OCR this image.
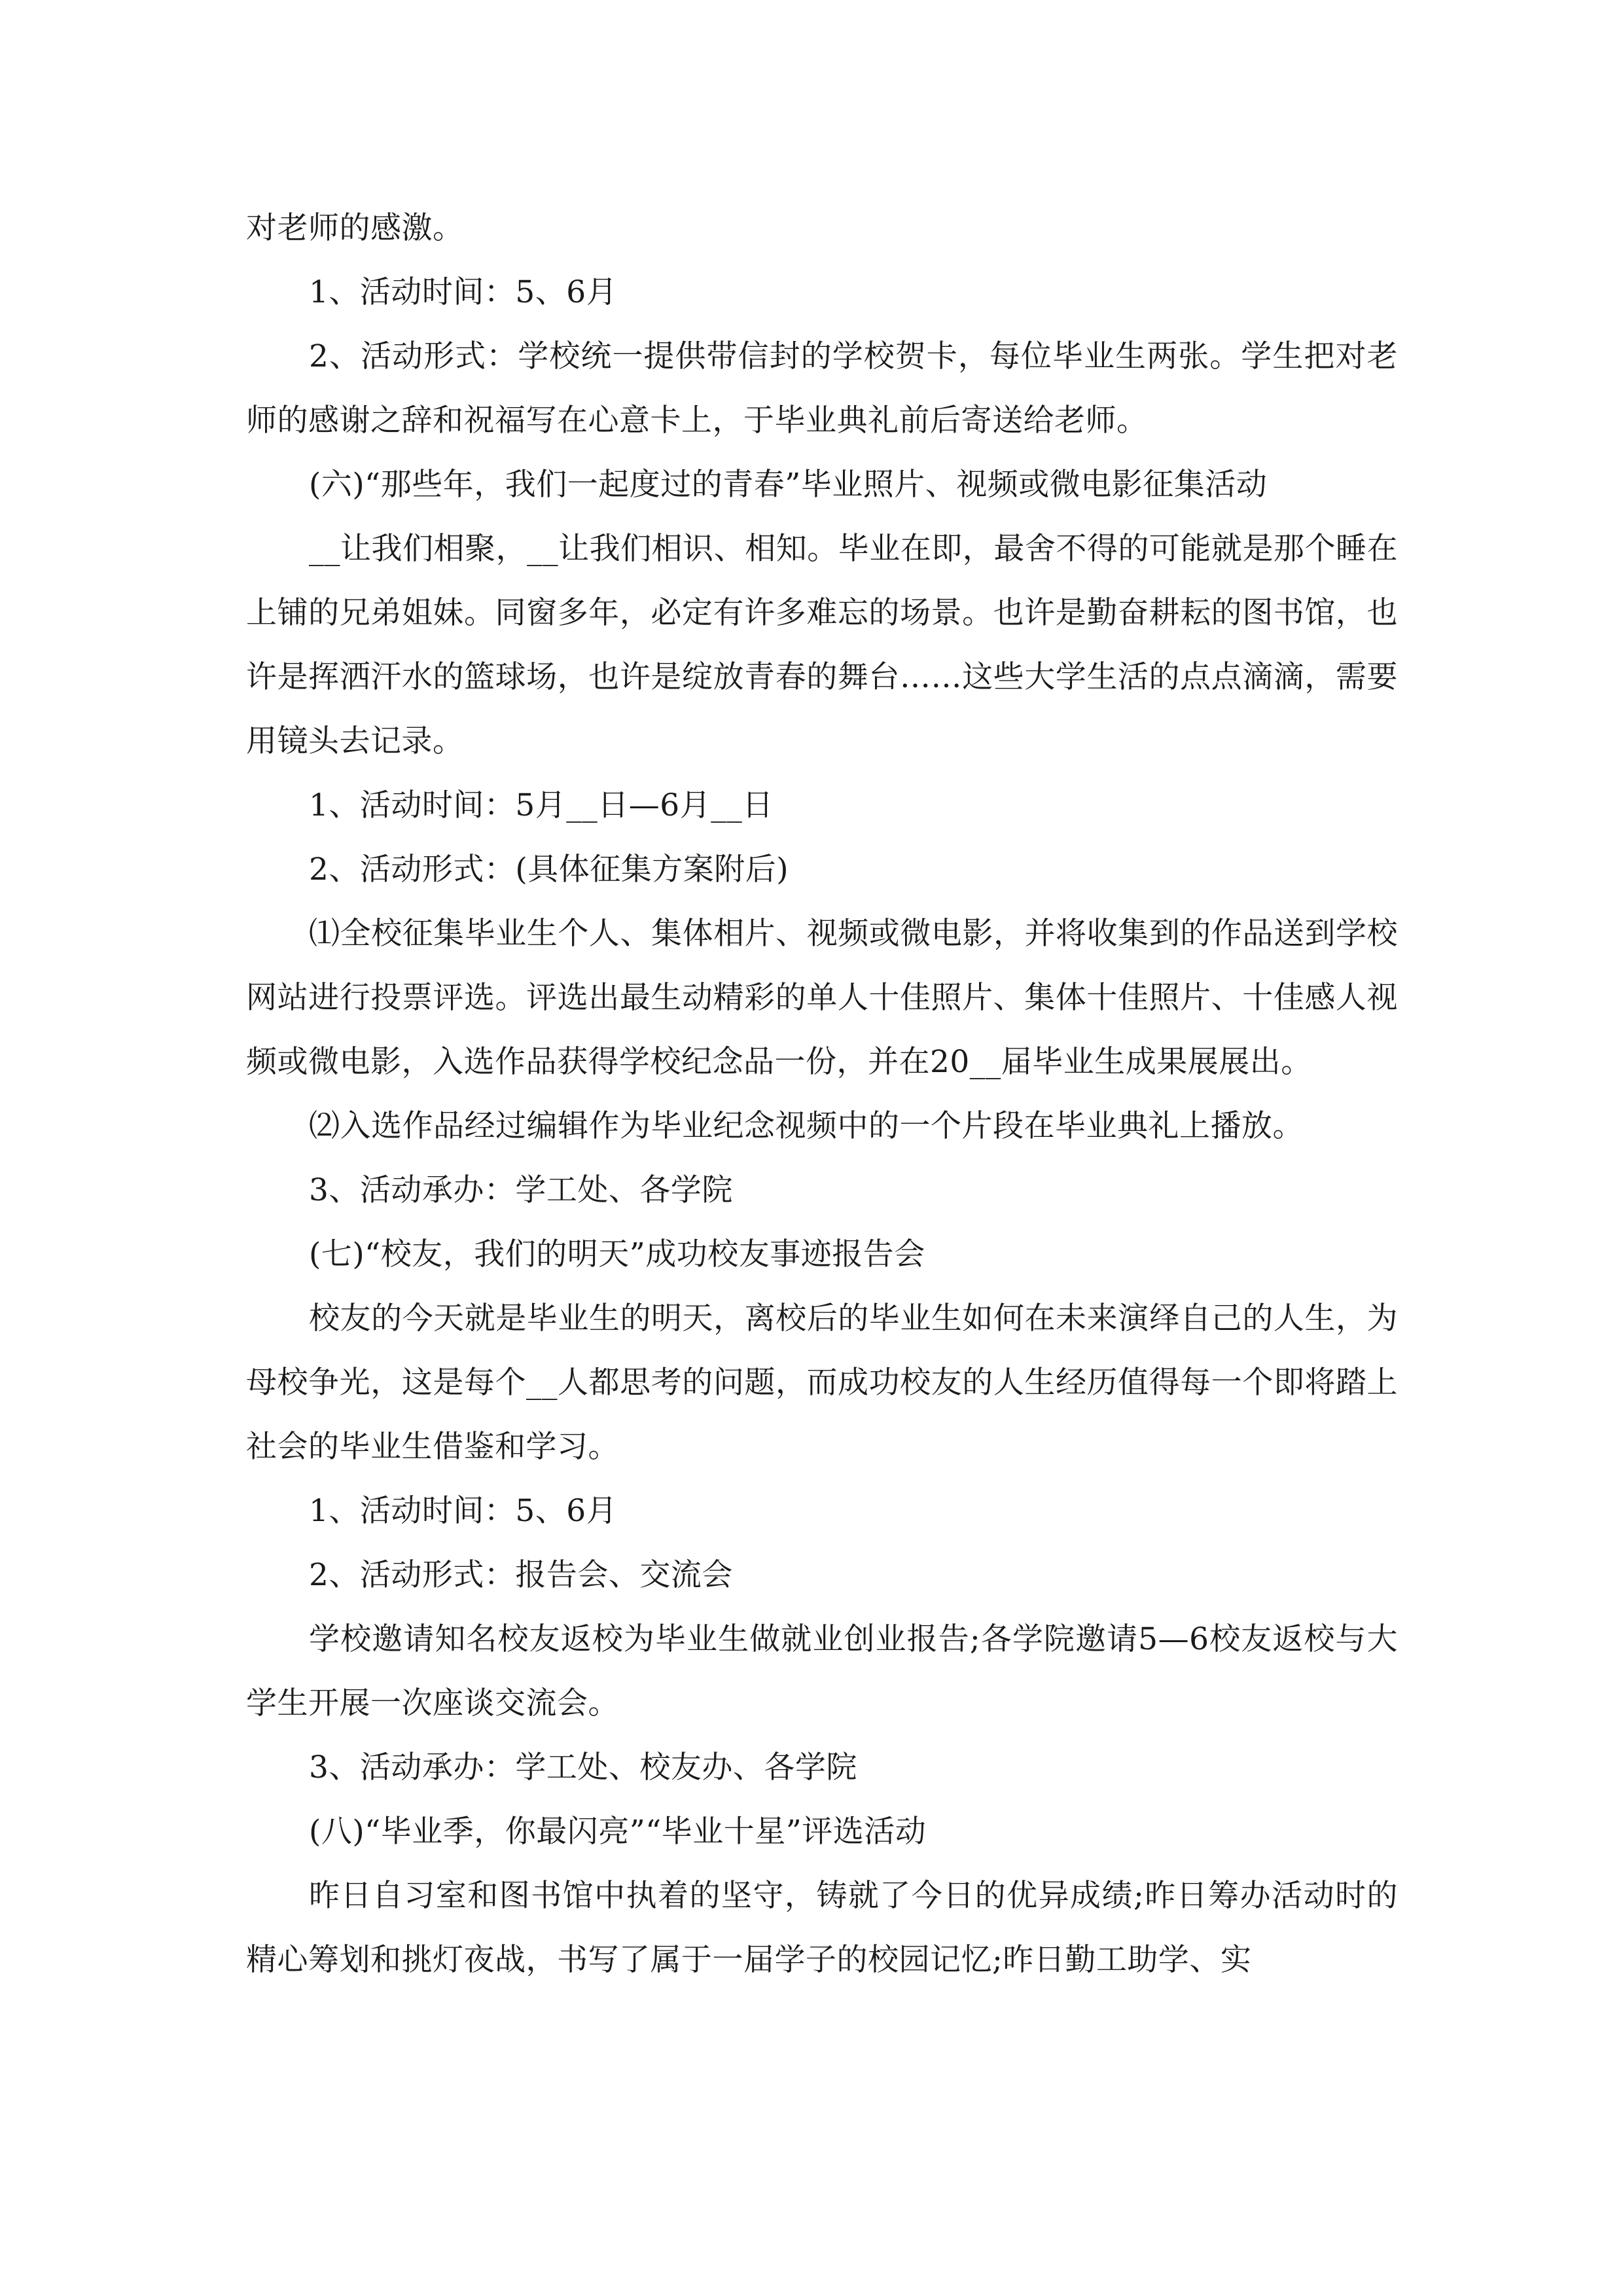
对老师的感激。

1、活动时间：5、6月

2、活动形式：学校统一提供带信封的学校贺卡，每位毕业生两张。学生把对老师的感谢之辞和祝福写在心意卡上，于毕业典礼前后寄送给老师。

(六)“那些年，我们一起度过的青春”毕业照片、视频或微电影征集活动

__让我们相聚，__让我们相识、相知。毕业在即，最舍不得的可能就是那个睡在上铺的兄弟姐妹。同窗多年，必定有许多难忘的场景。也许是勤奋耕耘的图书馆，也许是挥洒汗水的篮球场，也许是绽放青春的舞台……这些大学生活的点点滴滴，需要用镜头去记录。

1、活动时间：5月__日—6月__日

2、活动形式：(具体征集方案附后)

⑴全校征集毕业生个人、集体相片、视频或微电影，并将收集到的作品送到学校网站进行投票评选。评选出最生动精彩的单人十佳照片、集体十佳照片、十佳感人视频或微电影，入选作品获得学校纪念品一份，并在20__届毕业生成果展展出。

⑵入选作品经过编辑作为毕业纪念视频中的一个片段在毕业典礼上播放。

3、活动承办：学工处、各学院

(七)“校友，我们的明天”成功校友事迹报告会

校友的今天就是毕业生的明天，离校后的毕业生如何在未来演绎自己的人生，为母校争光，这是每个__人都思考的问题，而成功校友的人生经历值得每一个即将踏上社会的毕业生借鉴和学习。

1、活动时间：5、6月

2、活动形式：报告会、交流会

学校邀请知名校友返校为毕业生做就业创业报告;各学院邀请5—6校友返校与大学生开展一次座谈交流会。

3、活动承办：学工处、校友办、各学院

(八)“毕业季，你最闪亮”“毕业十星”评选活动

昨日自习室和图书馆中执着的坚守，铸就了今日的优异成绩;昨日筹办活动时的精心筹划和挑灯夜战，书写了属于一届学子的校园记忆;昨日勤工助学、实
